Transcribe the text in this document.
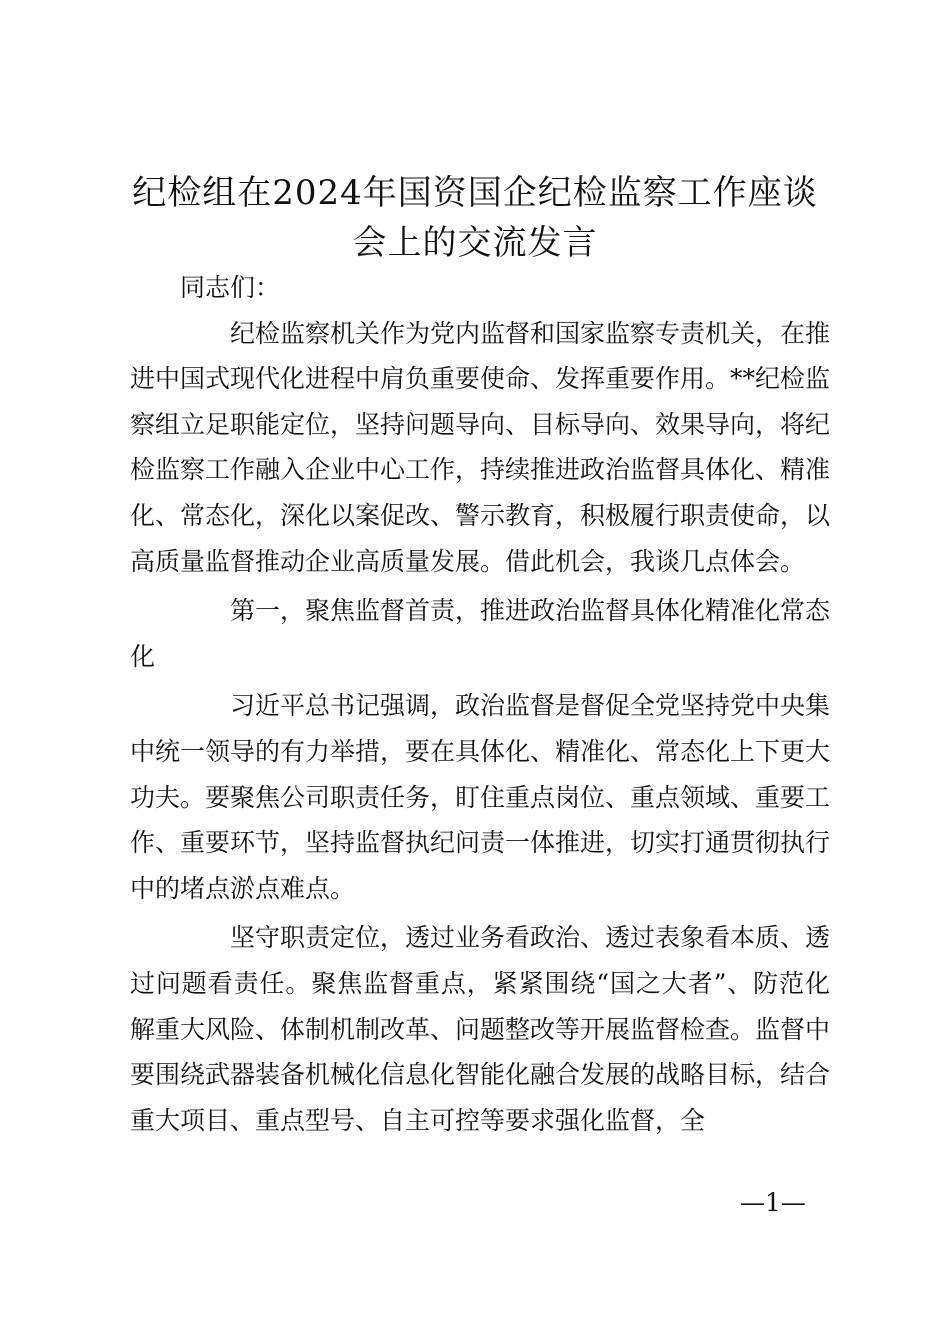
纪检组在2024年国资国企纪检监察工作座谈
会上的交流发言

同志们：

纪检监察机关作为党内监督和国家监察专责机关，在推进中国式现代化进程中肩负重要使命、发挥重要作用。**纪检监察组立足职能定位，坚持问题导向、目标导向、效果导向，将纪检监察工作融入企业中心工作，持续推进政治监督具体化、精准化、常态化，深化以案促改、警示教育，积极履行职责使命，以高质量监督推动企业高质量发展。借此机会，我谈几点体会。

第一，聚焦监督首责，推进政治监督具体化精准化常态化

习近平总书记强调，政治监督是督促全党坚持党中央集中统一领导的有力举措，要在具体化、精准化、常态化上下更大功夫。要聚焦公司职责任务，盯住重点岗位、重点领域、重要工作、重要环节，坚持监督执纪问责一体推进，切实打通贯彻执行中的堵点淤点难点。

坚守职责定位，透过业务看政治、透过表象看本质、透过问题看责任。聚焦监督重点，紧紧围绕“国之大者”、防范化解重大风险、体制机制改革、问题整改等开展监督检查。监督中要围绕武器装备机械化信息化智能化融合发展的战略目标，结合重大项目、重点型号、自主可控等要求强化监督，全

—1—
